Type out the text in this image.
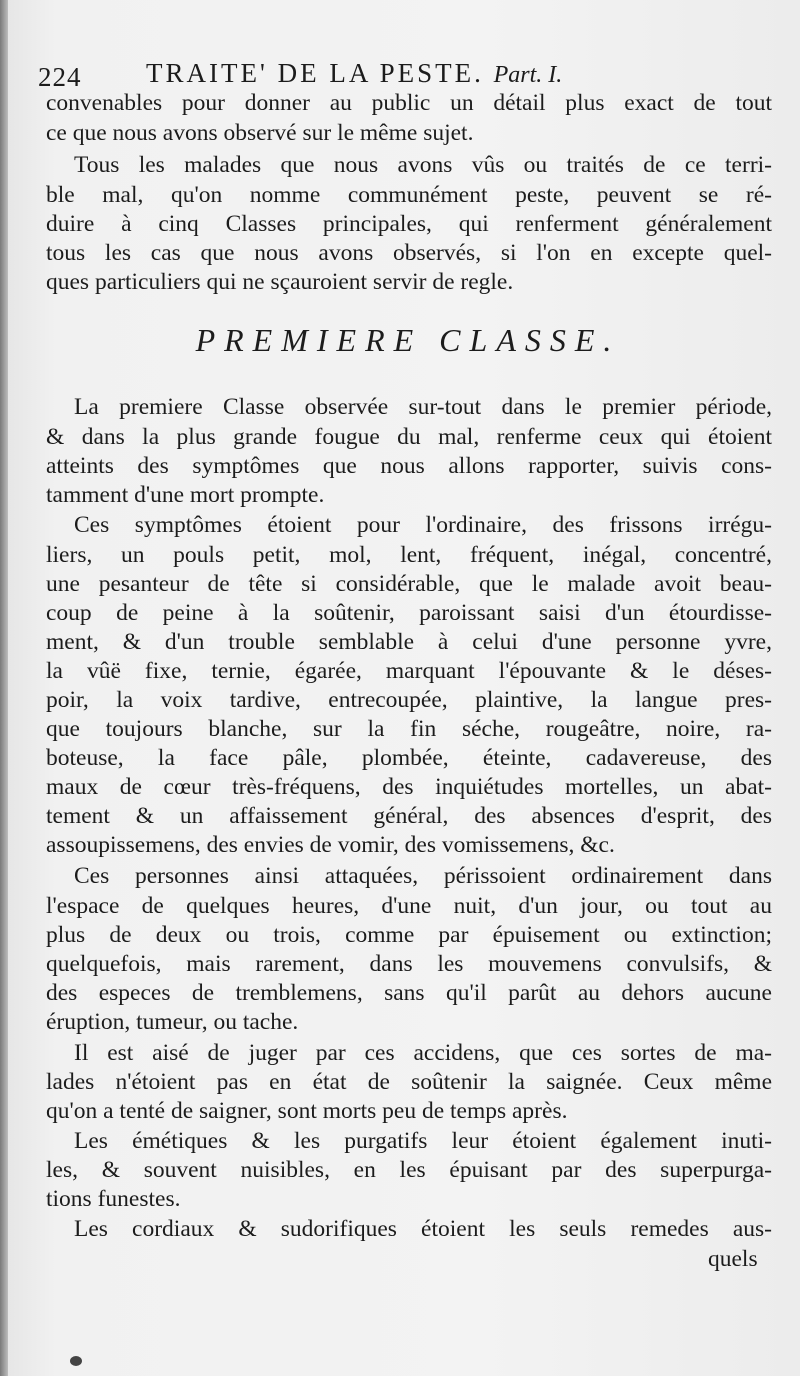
224 TRAITE' DE LA PESTE. Part. I.
convenables pour donner au public un détail plus exact de tout
ce que nous avons observé sur le même sujet.
Tous les malades que nous avons vûs ou traités de ce terri-
ble mal, qu'on nomme communément peste, peuvent se ré-
duire à cinq Classes principales, qui renferment généralement
tous les cas que nous avons observés, si l'on en excepte quel-
ques particuliers qui ne sçauroient servir de regle.
PREMIERE CLASSE.
La premiere Classe observée sur-tout dans le premier période,
& dans la plus grande fougue du mal, renferme ceux qui étoient
atteints des symptômes que nous allons rapporter, suivis cons-
tamment d'une mort prompte.
Ces symptômes étoient pour l'ordinaire, des frissons irrégu-
liers, un pouls petit, mol, lent, fréquent, inégal, concentré,
une pesanteur de tête si considérable, que le malade avoit beau-
coup de peine à la soûtenir, paroissant saisi d'un étourdisse-
ment, & d'un trouble semblable à celui d'une personne yvre,
la vûë fixe, ternie, égarée, marquant l'épouvante & le déses-
poir, la voix tardive, entrecoupée, plaintive, la langue pres-
que toujours blanche, sur la fin séche, rougeâtre, noire, ra-
boteuse, la face pâle, plombée, éteinte, cadavereuse, des
maux de cœur très-fréquens, des inquiétudes mortelles, un abat-
tement & un affaissement général, des absences d'esprit, des
assoupissemens, des envies de vomir, des vomissemens, &c.
Ces personnes ainsi attaquées, périssoient ordinairement dans
l'espace de quelques heures, d'une nuit, d'un jour, ou tout au
plus de deux ou trois, comme par épuisement ou extinction;
quelquefois, mais rarement, dans les mouvemens convulsifs, &
des especes de tremblemens, sans qu'il parût au dehors aucune
éruption, tumeur, ou tache.
Il est aisé de juger par ces accidens, que ces sortes de ma-
lades n'étoient pas en état de soûtenir la saignée. Ceux même
qu'on a tenté de saigner, sont morts peu de temps après.
Les émétiques & les purgatifs leur étoient également inuti-
les, & souvent nuisibles, en les épuisant par des superpurga-
tions funestes.
Les cordiaux & sudorifiques étoient les seuls remedes aus-
quels
